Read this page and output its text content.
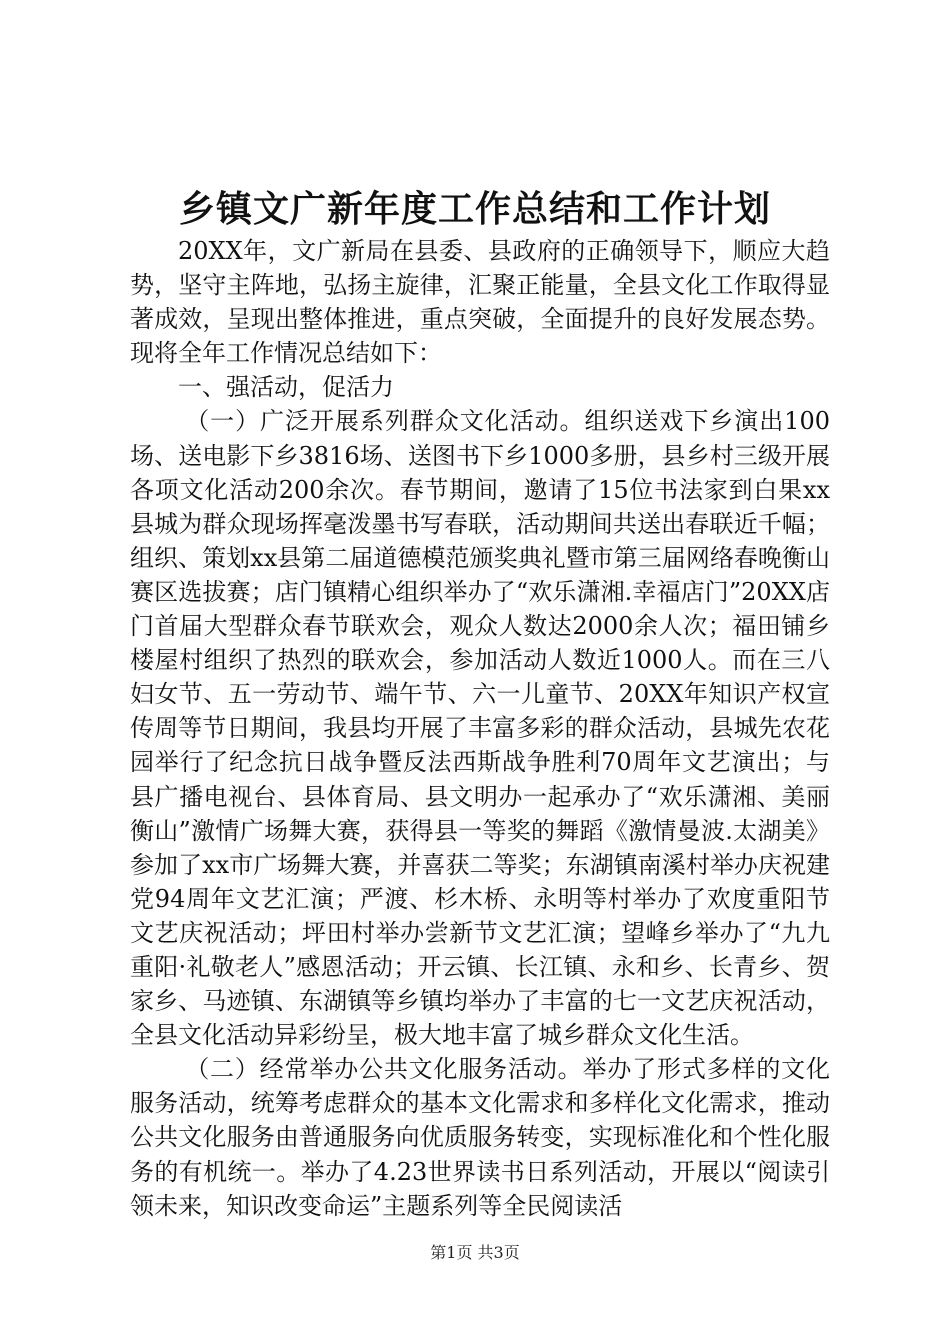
乡镇文广新年度工作总结和工作计划

20XX年，文广新局在县委、县政府的正确领导下，顺应大趋势，坚守主阵地，弘扬主旋律，汇聚正能量，全县文化工作取得显著成效，呈现出整体推进，重点突破，全面提升的良好发展态势。现将全年工作情况总结如下：

一、强活动，促活力

（一）广泛开展系列群众文化活动。组织送戏下乡演出100场、送电影下乡3816场、送图书下乡1000多册，县乡村三级开展各项文化活动200余次。春节期间，邀请了15位书法家到白果xx县城为群众现场挥毫泼墨书写春联，活动期间共送出春联近千幅；组织、策划xx县第二届道德模范颁奖典礼暨市第三届网络春晚衡山赛区选拔赛；店门镇精心组织举办了“欢乐潇湘.幸福店门”20XX店门首届大型群众春节联欢会，观众人数达2000余人次；福田铺乡楼屋村组织了热烈的联欢会，参加活动人数近1000人。而在三八妇女节、五一劳动节、端午节、六一儿童节、20XX年知识产权宣传周等节日期间，我县均开展了丰富多彩的群众活动，县城先农花园举行了纪念抗日战争暨反法西斯战争胜利70周年文艺演出；与县广播电视台、县体育局、县文明办一起承办了“欢乐潇湘、美丽衡山”激情广场舞大赛，获得县一等奖的舞蹈《激情曼波.太湖美》参加了xx市广场舞大赛，并喜获二等奖；东湖镇南溪村举办庆祝建党94周年文艺汇演；严渡、杉木桥、永明等村举办了欢度重阳节文艺庆祝活动；坪田村举办尝新节文艺汇演；望峰乡举办了“九九重阳·礼敬老人”感恩活动；开云镇、长江镇、永和乡、长青乡、贺家乡、马迹镇、东湖镇等乡镇均举办了丰富的七一文艺庆祝活动，全县文化活动异彩纷呈，极大地丰富了城乡群众文化生活。

（二）经常举办公共文化服务活动。举办了形式多样的文化服务活动，统筹考虑群众的基本文化需求和多样化文化需求，推动公共文化服务由普通服务向优质服务转变，实现标准化和个性化服务的有机统一。举办了4.23世界读书日系列活动，开展以“阅读引领未来，知识改变命运”主题系列等全民阅读活

第1页 共3页
